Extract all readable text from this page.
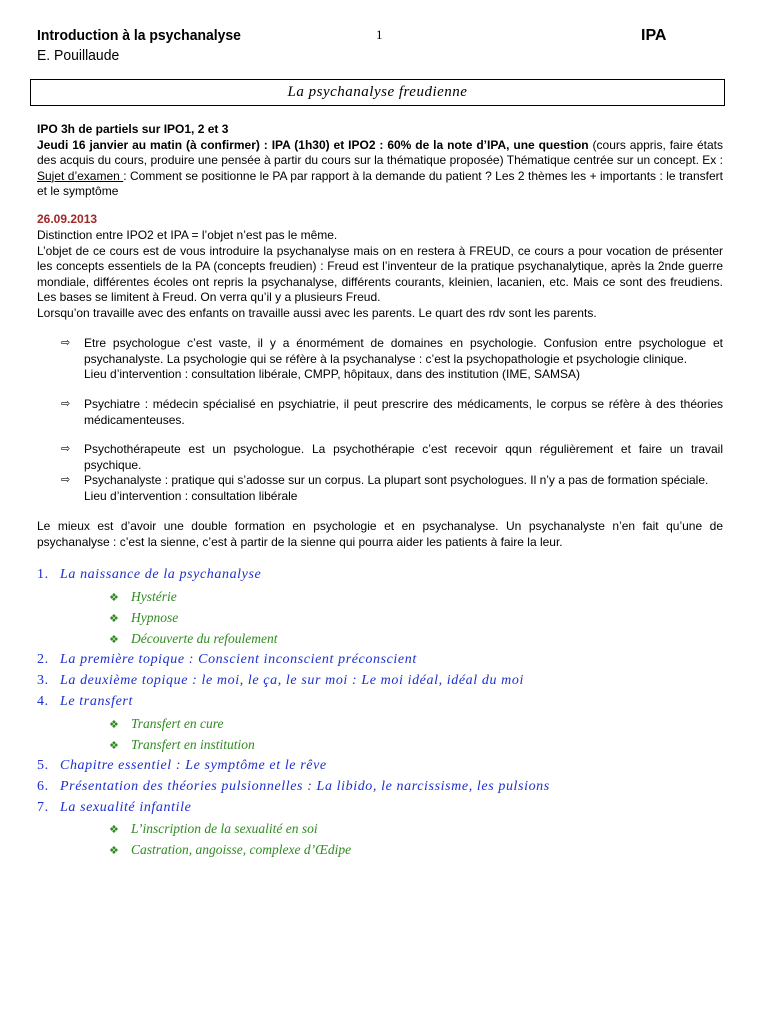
Introduction à la psychanalyse
E. Pouillaude
1	IPA
La psychanalyse freudienne
IPO 3h de partiels sur IPO1, 2 et 3
Jeudi 16 janvier au matin (à confirmer) : IPA (1h30) et IPO2 : 60% de la note d’IPA, une question (cours appris, faire états des acquis du cours, produire une pensée à partir du cours sur la thématique proposée) Thématique centrée sur un concept. Ex : Sujet d’examen : Comment se positionne le PA par rapport à la demande du patient ? Les 2 thèmes les + importants : le transfert et le symptôme
26.09.2013
Distinction entre IPO2 et IPA = l’objet n’est pas le même.
L’objet de ce cours est de vous introduire la psychanalyse mais on en restera à FREUD, ce cours a pour vocation de présenter les concepts essentiels de la PA (concepts freudien) : Freud est l’inventeur de la pratique psychanalytique, après la 2nde guerre mondiale, différentes écoles ont repris la psychanalyse, différents courants, kleinien, lacanien, etc. Mais ce sont des freudiens. Les bases se limitent à Freud. On verra qu’il y a plusieurs Freud.
Lorsqu’on travaille avec des enfants on travaille aussi avec les parents. Le quart des rdv sont les parents.
⇨ Etre psychologue c’est vaste, il y a énormément de domaines en psychologie. Confusion entre psychologue et psychanalyste. La psychologie qui se réfère à la psychanalyse : c’est la psychopathologie et psychologie clinique.
Lieu d’intervention : consultation libérale, CMPP, hôpitaux, dans des institution (IME, SAMSA)
⇨ Psychiatre : médecin spécialisé en psychiatrie, il peut prescrire des médicaments, le corpus se réfère à des théories médicamenteuses.
⇨ Psychothérapeute est un psychologue. La psychothérapie c’est recevoir qqun régulièrement et faire un travail psychique.
⇨ Psychanalyste : pratique qui s’adosse sur un corpus. La plupart sont psychologues. Il n’y a pas de formation spéciale.
Lieu d’intervention : consultation libérale
Le mieux est d’avoir une double formation en psychologie et en psychanalyse. Un psychanalyste n’en fait qu’une de psychanalyse : c’est la sienne, c’est à partir de la sienne qui pourra aider les patients à faire la leur.
1. La naissance de la psychanalyse
❖ Hystérie
❖ Hypnose
❖ Découverte du refoulement
2. La première topique : Conscient inconscient préconscient
3. La deuxième topique : le moi, le ça, le sur moi : Le moi idéal, idéal du moi
4. Le transfert
❖ Transfert en cure
❖ Transfert en institution
5. Chapitre essentiel : Le symptôme et le rêve
6. Présentation des théories pulsionnelles : La libido, le narcissisme, les pulsions
7. La sexualité infantile
❖ L’inscription de la sexualité en soi
❖ Castration, angoisse, complexe d’Œdipe
